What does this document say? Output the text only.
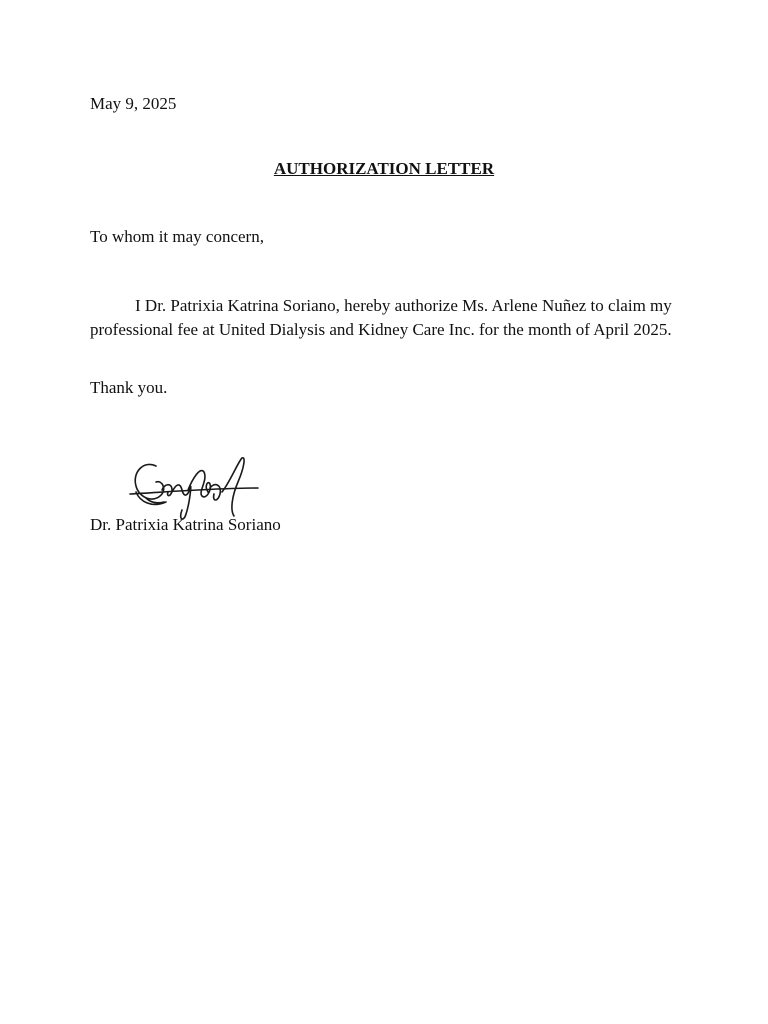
May 9, 2025
AUTHORIZATION LETTER
To whom it may concern,

I Dr. Patrixia Katrina Soriano, hereby authorize Ms. Arlene Nuñez to claim my professional fee at United Dialysis and Kidney Care Inc. for the month of April 2025.

Thank you.
Dr. Patrixia Katrina Soriano
